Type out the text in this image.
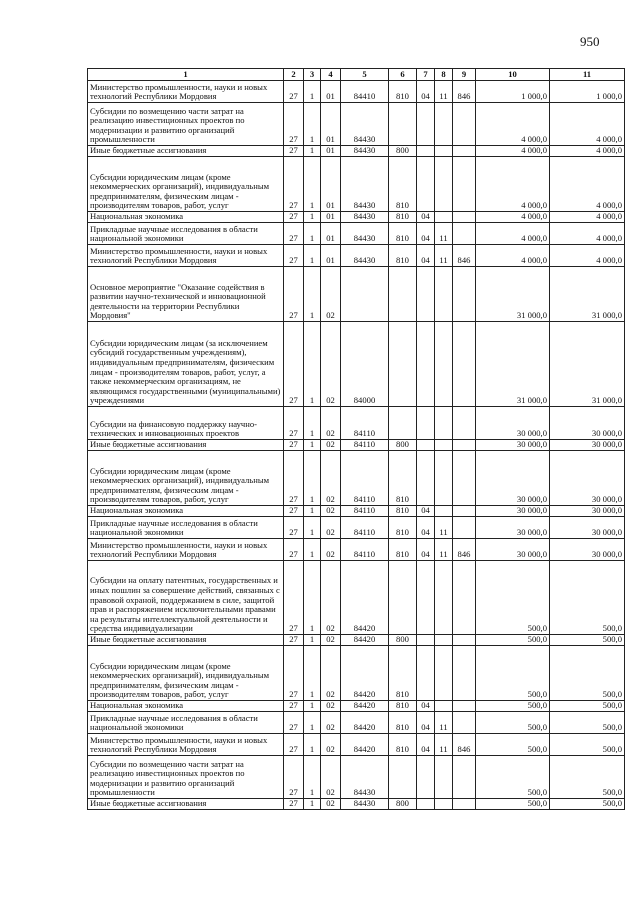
950
1	2	3	4	5	6	7	8	9	10	11
Министерство промышленности, науки и новых технологий Республики Мордовия	27	1	01	84410	810	04	11	846	1 000,0	1 000,0
Субсидии по возмещению части затрат на реализацию инвестиционных проектов по модернизации и развитию организаций промышленности	27	1	01	84430					4 000,0	4 000,0
Иные бюджетные ассигнования	27	1	01	84430	800				4 000,0	4 000,0
Субсидии юридическим лицам (кроме некоммерческих организаций), индивидуальным предпринимателям, физическим лицам - производителям товаров, работ, услуг	27	1	01	84430	810				4 000,0	4 000,0
Национальная экономика	27	1	01	84430	810	04			4 000,0	4 000,0
Прикладные научные исследования в области национальной экономики	27	1	01	84430	810	04	11		4 000,0	4 000,0
Министерство промышленности, науки и новых технологий Республики Мордовия	27	1	01	84430	810	04	11	846	4 000,0	4 000,0
Основное мероприятие "Оказание содействия в развитии научно-технической и инновационной деятельности на территории Республики Мордовия"	27	1	02						31 000,0	31 000,0
Субсидии юридическим лицам (за исключением субсидий государственным учреждениям), индивидуальным предпринимателям, физическим лицам - производителям товаров, работ, услуг, а также некоммерческим организациям, не являющимся государственными (муниципальными) учреждениями	27	1	02	84000					31 000,0	31 000,0
Субсидии на финансовую поддержку научно-технических и инновационных проектов	27	1	02	84110					30 000,0	30 000,0
Иные бюджетные ассигнования	27	1	02	84110	800				30 000,0	30 000,0
Субсидии юридическим лицам (кроме некоммерческих организаций), индивидуальным предпринимателям, физическим лицам - производителям товаров, работ, услуг	27	1	02	84110	810				30 000,0	30 000,0
Национальная экономика	27	1	02	84110	810	04			30 000,0	30 000,0
Прикладные научные исследования в области национальной экономики	27	1	02	84110	810	04	11		30 000,0	30 000,0
Министерство промышленности, науки и новых технологий Республики Мордовия	27	1	02	84110	810	04	11	846	30 000,0	30 000,0
Субсидии на оплату патентных, государственных и иных пошлин за совершение действий, связанных с правовой охраной, поддержанием в силе, защитой прав и распоряжением исключительными правами на результаты интеллектуальной деятельности и средства индивидуализации	27	1	02	84420					500,0	500,0
Иные бюджетные ассигнования	27	1	02	84420	800				500,0	500,0
Субсидии юридическим лицам (кроме некоммерческих организаций), индивидуальным предпринимателям, физическим лицам - производителям товаров, работ, услуг	27	1	02	84420	810				500,0	500,0
Национальная экономика	27	1	02	84420	810	04			500,0	500,0
Прикладные научные исследования в области национальной экономики	27	1	02	84420	810	04	11		500,0	500,0
Министерство промышленности, науки и новых технологий Республики Мордовия	27	1	02	84420	810	04	11	846	500,0	500,0
Субсидии по возмещению части затрат на реализацию инвестиционных проектов по модернизации и развитию организаций промышленности	27	1	02	84430					500,0	500,0
Иные бюджетные ассигнования	27	1	02	84430	800				500,0	500,0
